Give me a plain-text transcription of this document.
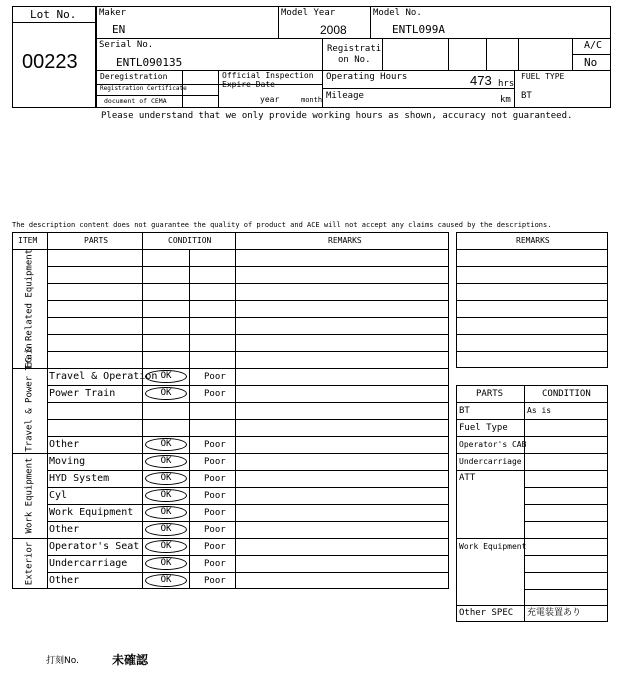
Lot No.
00223
Maker
EN
Model Year
2008
Model No.
ENTL099A
Serial No.
ENTL090135
Registrati
on No.
A/C
No
Deregistration
Registration Certificate
document of CEMA
Official Inspection
Expire Date
year	month
Operating Hours	473 hrs
Mileage	km
FUEL TYPE
BT
Please understand that we only provide working hours as shown, accuracy not guaranteed.
The description content does not guarantee the quality of product and ACE will not accept any claims caused by the descriptions.
ITEM	PARTS	CONDITION	REMARKS
EG & Related Equipment
Travel & Power Train
Work Equipment
Exterior
Travel & Operation OK	Poor
Power Train	OK	Poor
Other	OK	Poor
Moving	OK	Poor
HYD System	OK	Poor
Cyl	OK	Poor
Work Equipment	OK	Poor
Other	OK	Poor
Operator's Seat	OK	Poor
Undercarriage	OK	Poor
Other	OK	Poor
REMARKS
PARTS	CONDITION
BT	As is
Fuel Type
Operator's CAB
Undercarriage
ATT
Work Equipment
Other SPEC 充電装置あり
打刻No.	未確認
